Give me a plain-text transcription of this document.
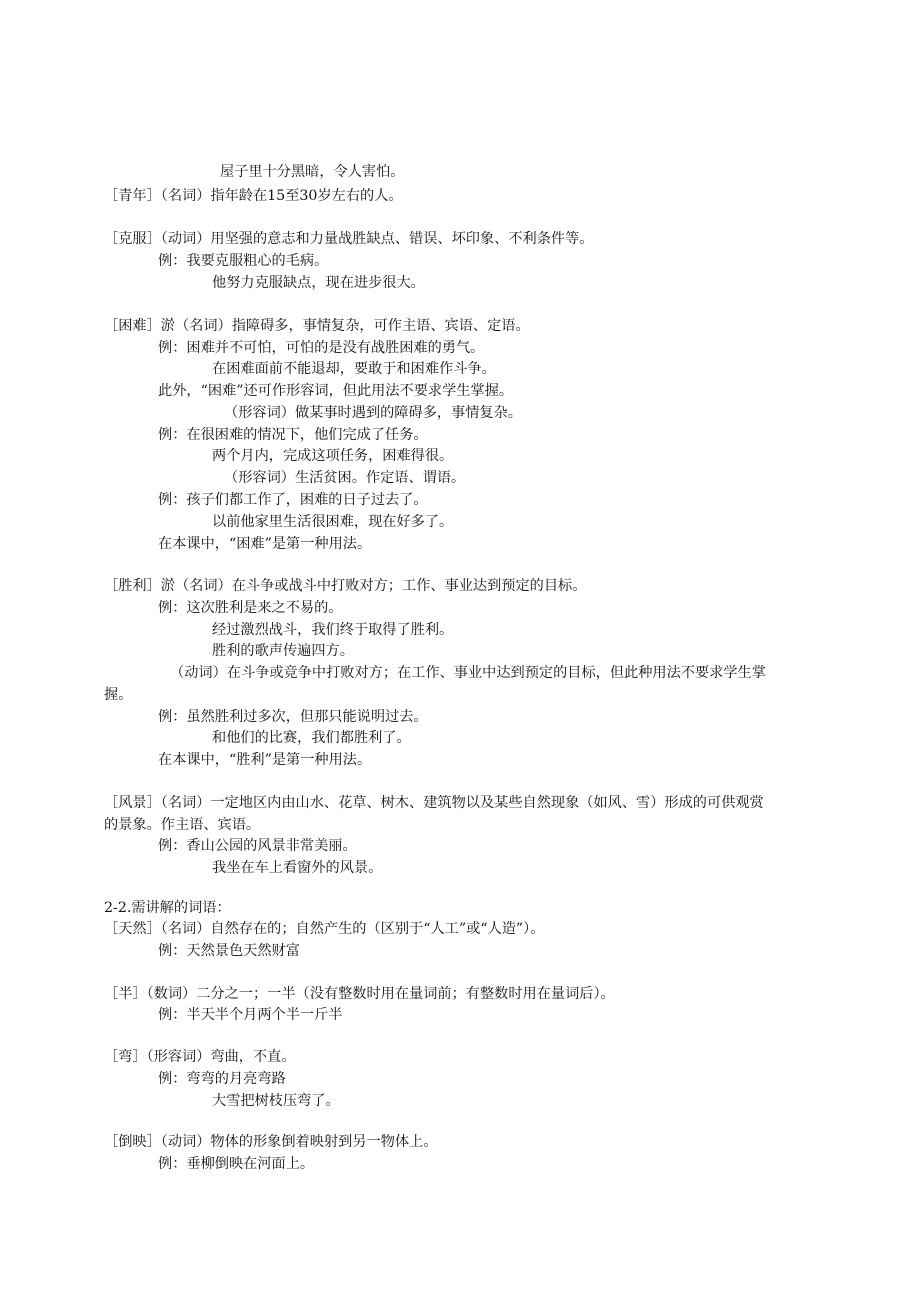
屋子里十分黑暗，令人害怕。
［青年］（名词）指年龄在15至30岁左右的人。
［克服］（动词）用坚强的意志和力量战胜缺点、错误、坏印象、不利条件等。
例：我要克服粗心的毛病。
他努力克服缺点，现在进步很大。
［困难］淤（名词）指障碍多，事情复杂，可作主语、宾语、定语。
例：困难并不可怕，可怕的是没有战胜困难的勇气。
在困难面前不能退却，要敢于和困难作斗争。
此外，“困难”还可作形容词，但此用法不要求学生掌握。
（形容词）做某事时遇到的障碍多，事情复杂。
例：在很困难的情况下，他们完成了任务。
两个月内，完成这项任务，困难得很。
（形容词）生活贫困。作定语、谓语。
例：孩子们都工作了，困难的日子过去了。
以前他家里生活很困难，现在好多了。
在本课中，“困难”是第一种用法。
［胜利］淤（名词）在斗争或战斗中打败对方；工作、事业达到预定的目标。
例：这次胜利是来之不易的。
经过激烈战斗，我们终于取得了胜利。
胜利的歌声传遍四方。
（动词）在斗争或竞争中打败对方；在工作、事业中达到预定的目标，但此种用法不要求学生掌
握。
例：虽然胜利过多次，但那只能说明过去。
和他们的比赛，我们都胜利了。
在本课中，“胜利”是第一种用法。
［风景］（名词）一定地区内由山水、花草、树木、建筑物以及某些自然现象（如风、雪）形成的可供观赏
的景象。作主语、宾语。
例：香山公园的风景非常美丽。
我坐在车上看窗外的风景。
2-2.需讲解的词语：
［天然］（名词）自然存在的；自然产生的（区别于“人工”或“人造”）。
例：天然景色天然财富
［半］（数词）二分之一；一半（没有整数时用在量词前；有整数时用在量词后）。
例：半天半个月两个半一斤半
［弯］（形容词）弯曲，不直。
例：弯弯的月亮弯路
大雪把树枝压弯了。
［倒映］（动词）物体的形象倒着映射到另一物体上。
例：垂柳倒映在河面上。
